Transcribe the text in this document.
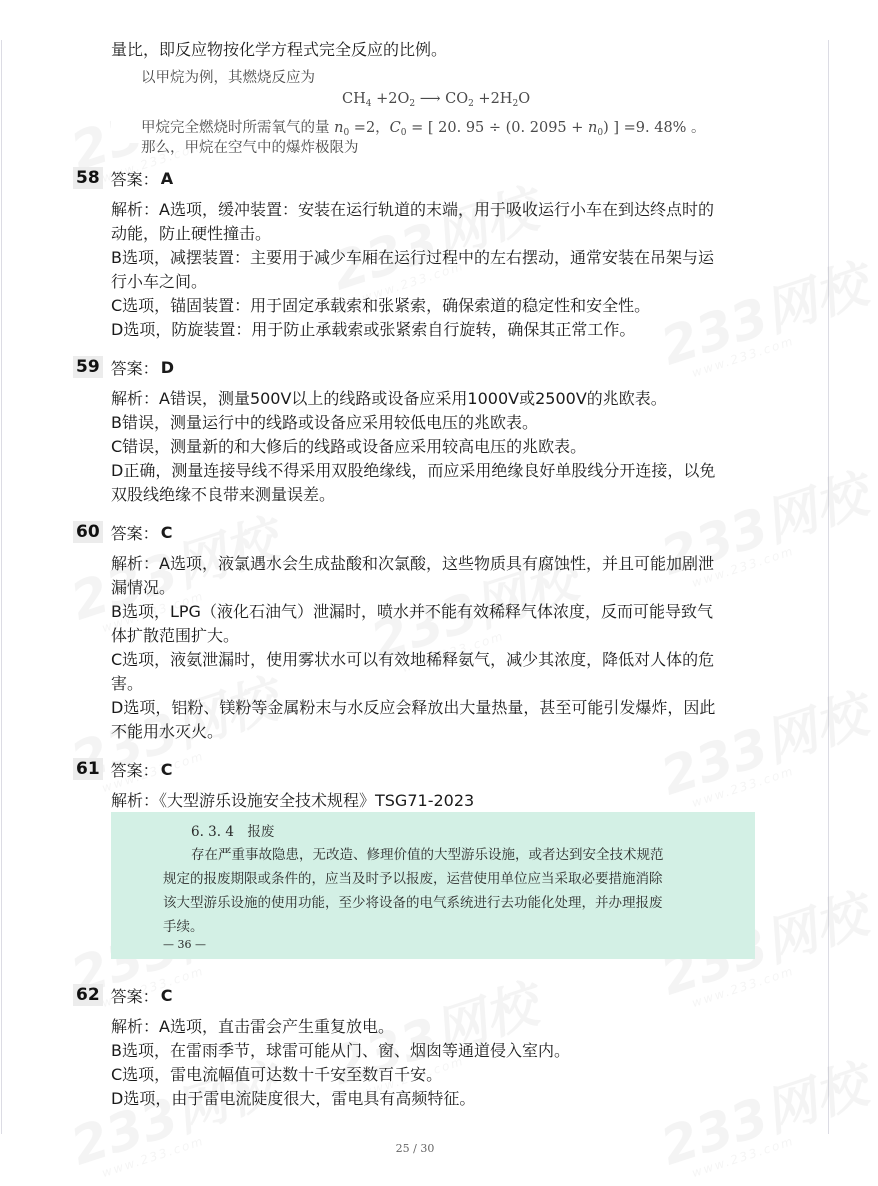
量比，即反应物按化学方程式完全反应的比例。
以甲烷为例，其燃烧反应为
$CH_4 +2O_2$ ⟶ $CO_2 +2H_2O$
甲烷完全燃烧时所需氧气的量 $n_0 =2$，$C_0$ = [ 20. 95 ÷ (0. $2095 + n_0$) ] =9. 48% 。
那么，甲烷在空气中的爆炸极限为
58 答案： A

解析：A选项，缓冲装置：安装在运行轨道的末端，用于吸收运行小车在到达终点时的

动能，防止硬性撞击。

B选项，减摆装置：主要用于减少车厢在运行过程中的左右摆动，通常安装在吊架与运

行小车之间。

C选项，锚固装置：用于固定承载索和张紧索，确保索道的稳定性和安全性。

D选项，防旋装置：用于防止承载索或张紧索自行旋转，确保其正常工作。

59 答案： D

解析：A错误，测量500V以上的线路或设备应采用1000V或2500V的兆欧表。

B错误，测量运行中的线路或设备应采用较低电压的兆欧表。

C错误，测量新的和大修后的线路或设备应采用较高电压的兆欧表。

D正确，测量连接导线不得采用双股绝缘线，而应采用绝缘良好单股线分开连接，以免

双股线绝缘不良带来测量误差。

60 答案： C

解析：A选项，液氯遇水会生成盐酸和次氯酸，这些物质具有腐蚀性，并且可能加剧泄

漏情况。

B选项，LPG（液化石油气）泄漏时，喷水并不能有效稀释气体浓度，反而可能导致气

体扩散范围扩大。

C选项，液氨泄漏时，使用雾状水可以有效地稀释氨气，减少其浓度，降低对人体的危

害。

D选项，铝粉、镁粉等金属粉末与水反应会释放出大量热量，甚至可能引发爆炸，因此

不能用水灭火。

61 答案： C

解析：《大型游乐设施安全技术规程》TSG71-2023

6. 3. 4　报废
存在严重事故隐患，无改造、修理价值的大型游乐设施，或者达到安全技术规范
规定的报废期限或条件的，应当及时予以报废，运营使用单位应当采取必要措施消除
该大型游乐设施的使用功能，至少将设备的电气系统进行去功能化处理，并办理报废
手续。
— 36 —
62 答案： C

解析：A选项，直击雷会产生重复放电。

B选项，在雷雨季节，球雷可能从门、窗、烟囱等通道侵入室内。

C选项，雷电流幅值可达数十千安至数百千安。

D选项，由于雷电流陡度很大，雷电具有高频特征。

25 / 30
